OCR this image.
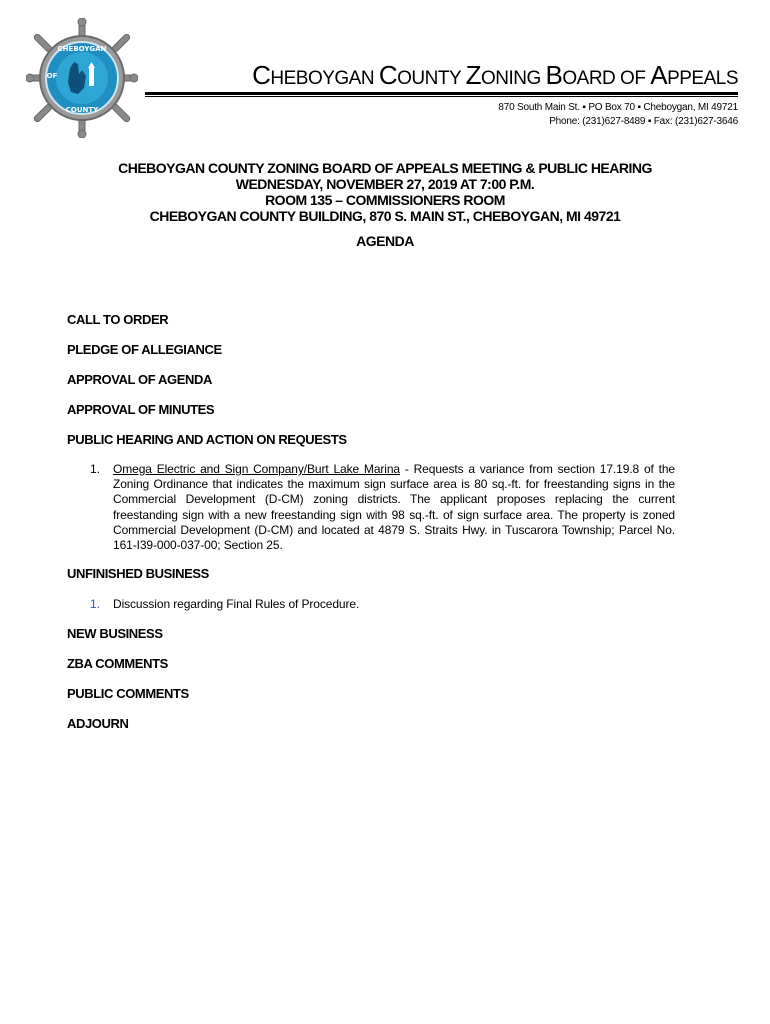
CHEBOYGAN
OF
COUNTY
CHEBOYGAN COUNTY ZONING BOARD OF APPEALS
870 South Main St. ▪ PO Box 70 ▪ Cheboygan, MI 49721
Phone: (231)627-8489 ▪ Fax: (231)627-3646
CHEBOYGAN COUNTY ZONING BOARD OF APPEALS MEETING & PUBLIC HEARING
WEDNESDAY, NOVEMBER 27, 2019 AT 7:00 P.M.
ROOM 135 – COMMISSIONERS ROOM
CHEBOYGAN COUNTY BUILDING, 870 S. MAIN ST., CHEBOYGAN, MI 49721
AGENDA
CALL TO ORDER
PLEDGE OF ALLEGIANCE
APPROVAL OF AGENDA
APPROVAL OF MINUTES
PUBLIC HEARING AND ACTION ON REQUESTS
1. Omega Electric and Sign Company/Burt Lake Marina - Requests a variance from section 17.19.8 of the Zoning Ordinance that indicates the maximum sign surface area is 80 sq.-ft. for freestanding signs in the Commercial Development (D-CM) zoning districts. The applicant proposes replacing the current freestanding sign with a new freestanding sign with 98 sq.-ft. of sign surface area. The property is zoned Commercial Development (D-CM) and located at 4879 S. Straits Hwy. in Tuscarora Township; Parcel No. 161-I39-000-037-00; Section 25.
UNFINISHED BUSINESS
1. Discussion regarding Final Rules of Procedure.
NEW BUSINESS
ZBA COMMENTS
PUBLIC COMMENTS
ADJOURN
